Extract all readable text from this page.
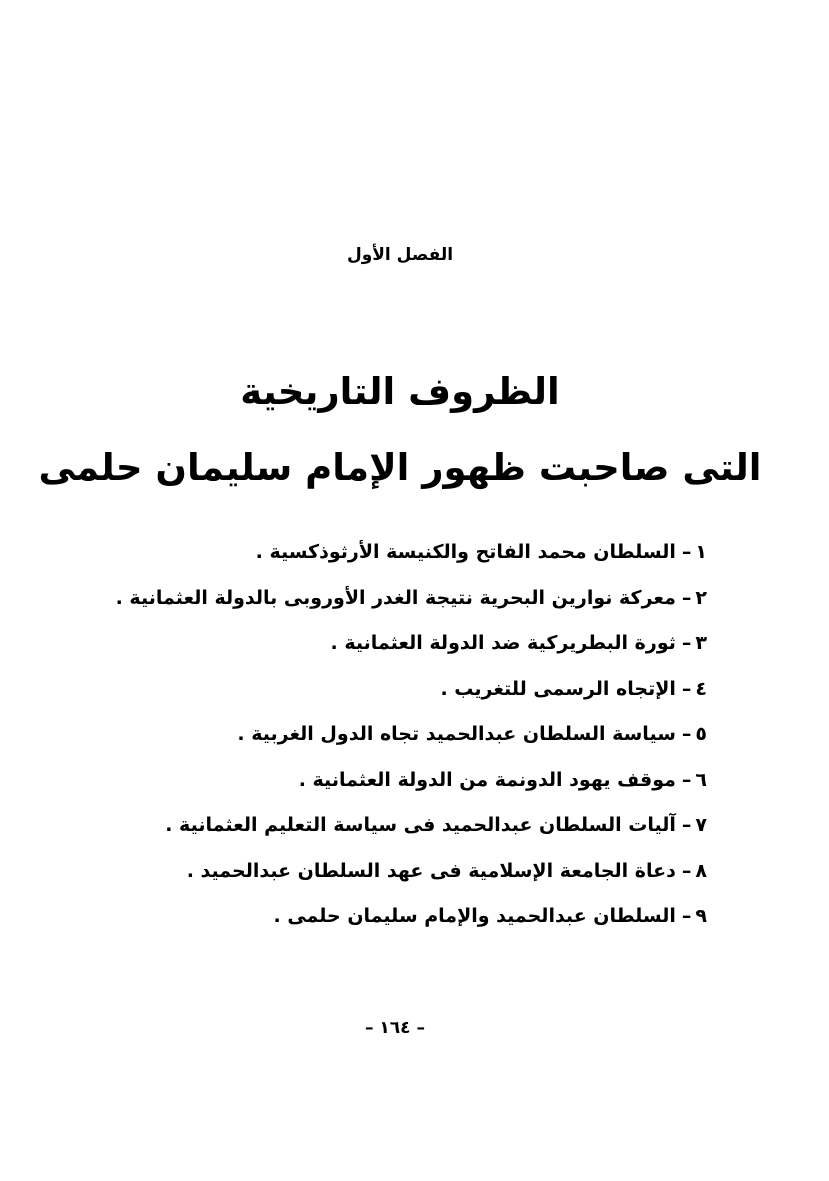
الفصل الأول
الظروف التاريخية
التى صاحبت ظهور الإمام سليمان حلمى
١–السلطان محمد الفاتح والكنيسة الأرثوذكسية .
٢–معركة نوارين البحرية نتيجة الغدر الأوروبى بالدولة العثمانية .
٣–ثورة البطريركية ضد الدولة العثمانية .
٤–الإتجاه الرسمى للتغريب .
٥–سياسة السلطان عبدالحميد تجاه الدول الغربية .
٦–موقف يهود الدونمة من الدولة العثمانية .
٧–آليات السلطان عبدالحميد فى سياسة التعليم العثمانية .
٨–دعاة الجامعة الإسلامية فى عهد السلطان عبدالحميد .
٩–السلطان عبدالحميد والإمام سليمان حلمى .
– ١٦٤ –
